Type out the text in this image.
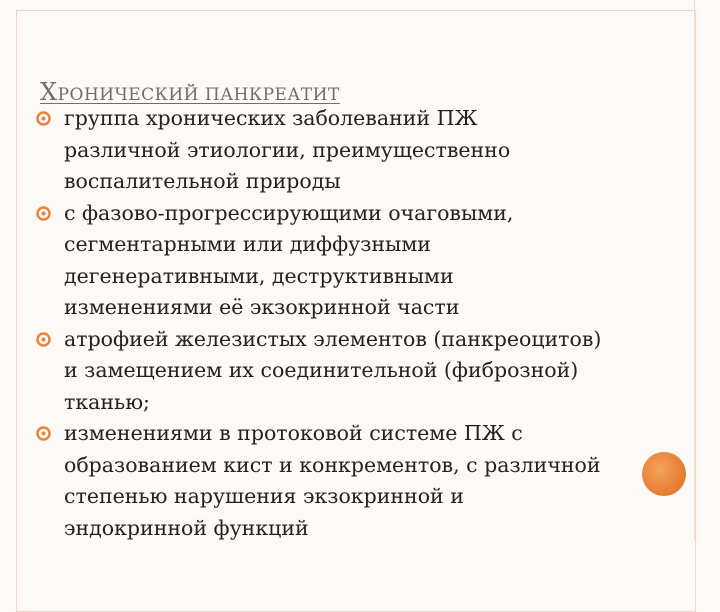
ХРОНИЧЕСКИЙ ПАНКРЕАТИТ
группа хронических заболеваний ПЖ
различной этиологии, преимущественно
воспалительной природы
с фазово-прогрессирующими очаговыми,
сегментарными или диффузными
дегенеративными, деструктивными
изменениями её экзокринной части
атрофией железистых элементов (панкреоцитов)
и замещением их соединительной (фиброзной)
тканью;
изменениями в протоковой системе ПЖ с
образованием кист и конкрементов, с различной
степенью нарушения экзокринной и
эндокринной функций
